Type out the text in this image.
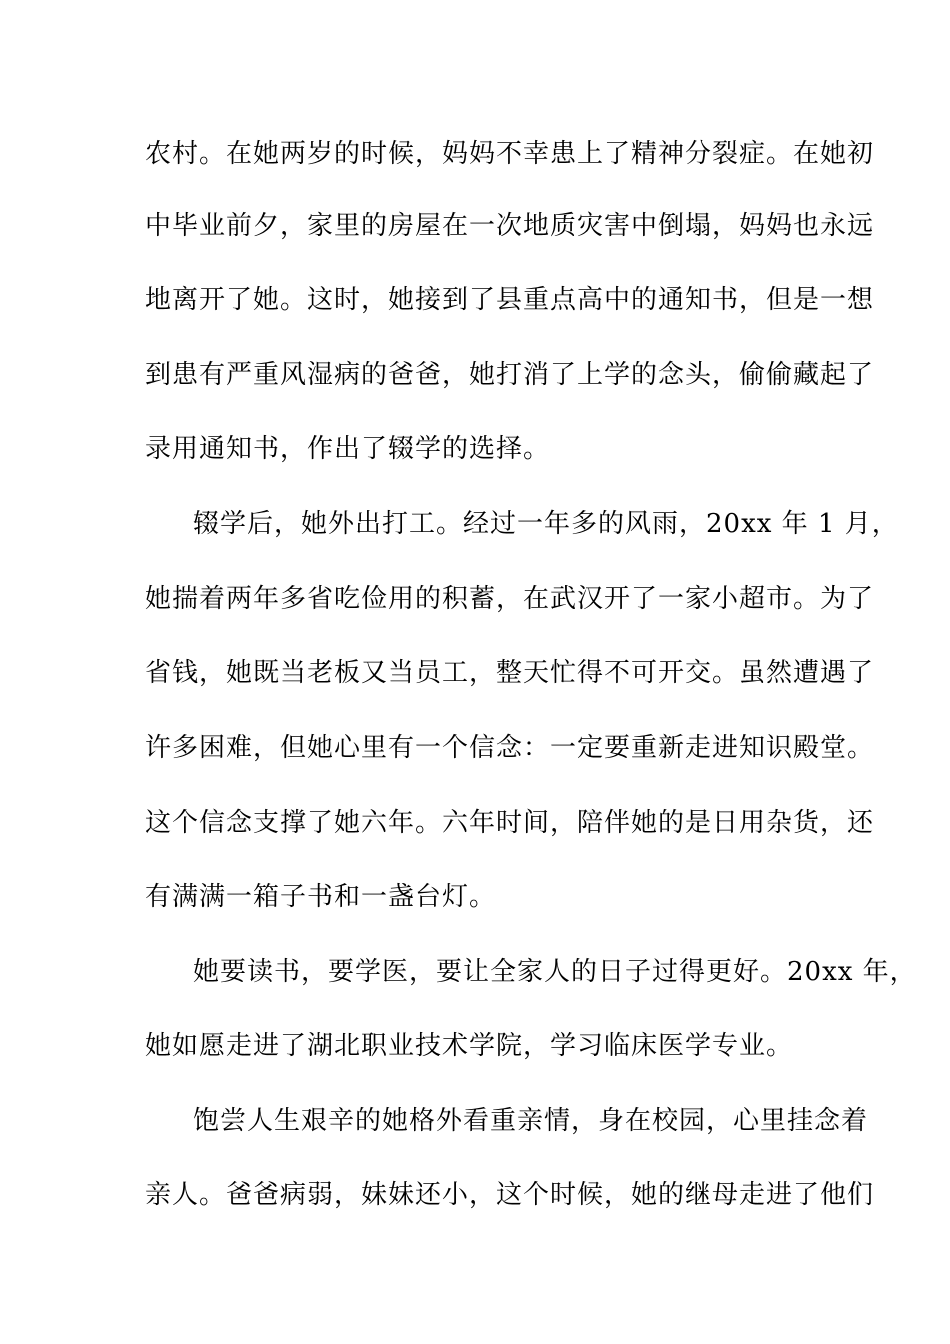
农村。在她两岁的时候，妈妈不幸患上了精神分裂症。在她初
中毕业前夕，家里的房屋在一次地质灾害中倒塌，妈妈也永远
地离开了她。这时，她接到了县重点高中的通知书，但是一想
到患有严重风湿病的爸爸，她打消了上学的念头，偷偷藏起了
录用通知书，作出了辍学的选择。
辍学后，她外出打工。经过一年多的风雨，20xx 年 1 月，
她揣着两年多省吃俭用的积蓄，在武汉开了一家小超市。为了
省钱，她既当老板又当员工，整天忙得不可开交。虽然遭遇了
许多困难，但她心里有一个信念：一定要重新走进知识殿堂。
这个信念支撑了她六年。六年时间，陪伴她的是日用杂货，还
有满满一箱子书和一盏台灯。
她要读书，要学医，要让全家人的日子过得更好。20xx 年，
她如愿走进了湖北职业技术学院，学习临床医学专业。
饱尝人生艰辛的她格外看重亲情，身在校园，心里挂念着
亲人。爸爸病弱，妹妹还小，这个时候，她的继母走进了他们
